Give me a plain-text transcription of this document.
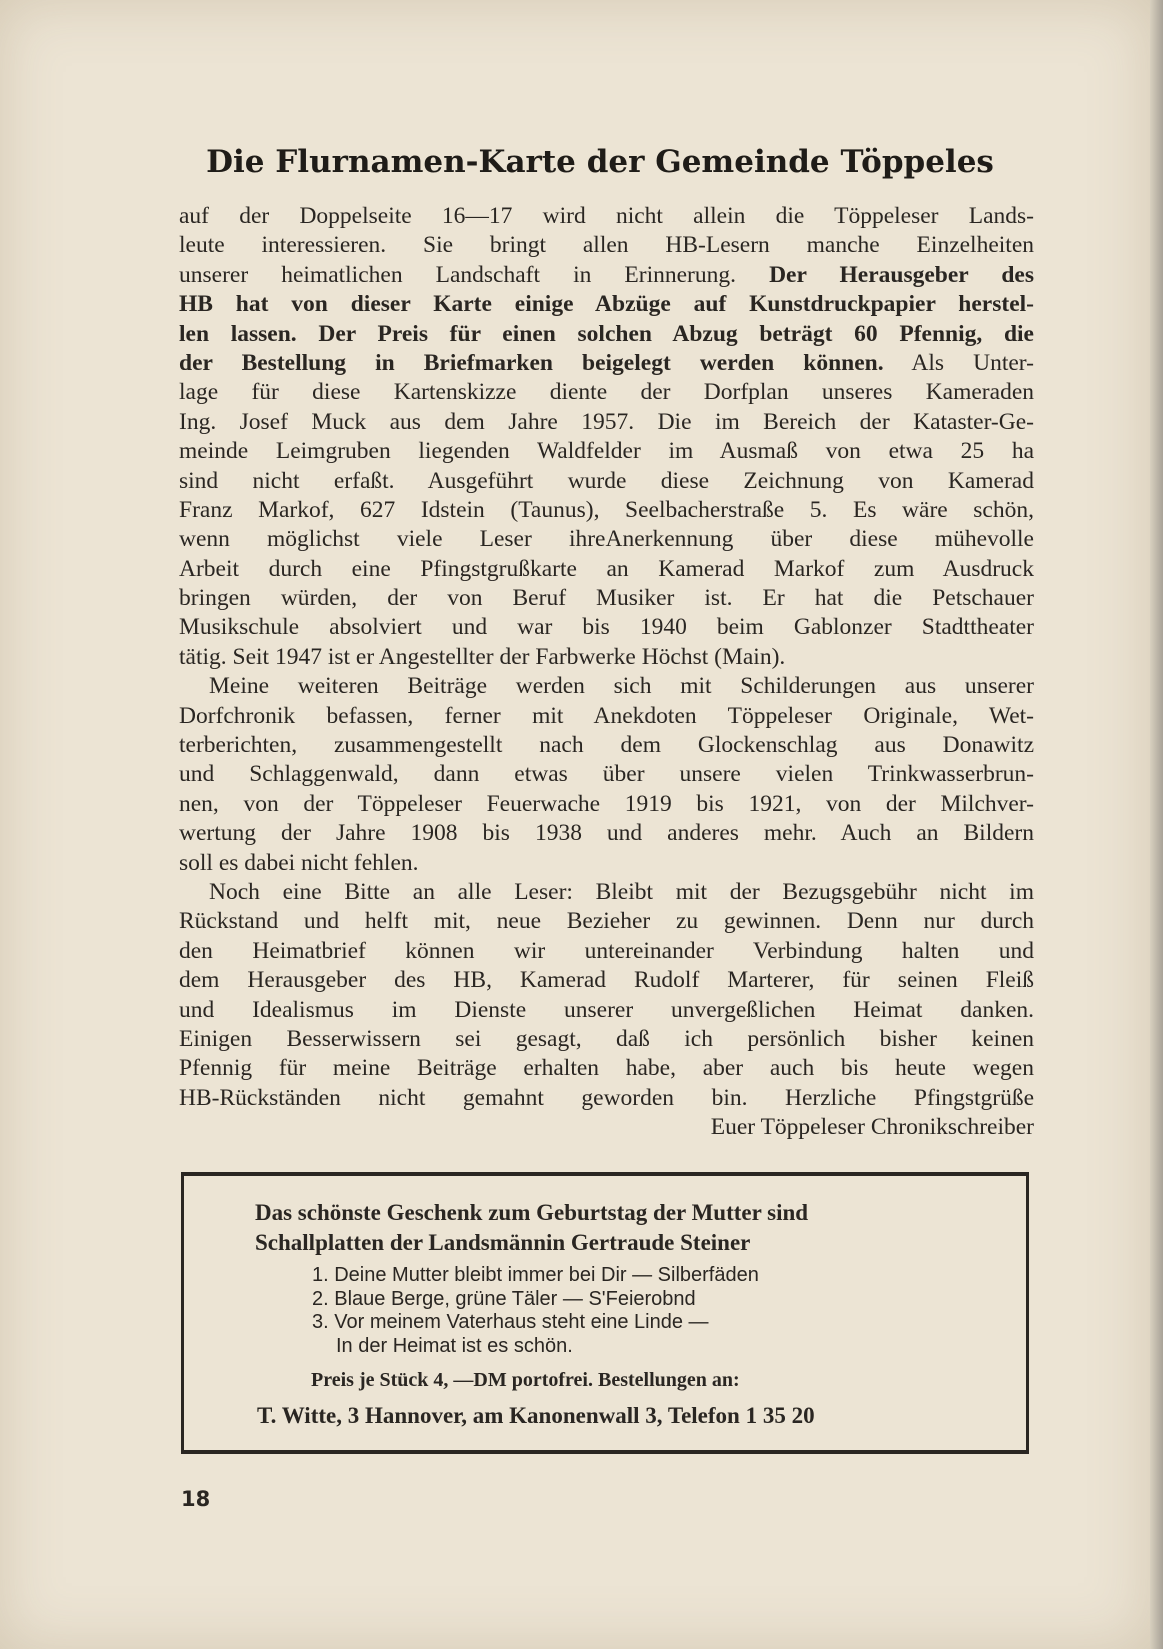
Die Flurnamen-Karte der Gemeinde Töppeles
auf der Doppelseite 16—17 wird nicht allein die Töppeleser Lands-
leute interessieren. Sie bringt allen HB-Lesern manche Einzelheiten
unserer heimatlichen Landschaft in Erinnerung. Der Herausgeber des
HB hat von dieser Karte einige Abzüge auf Kunstdruckpapier herstel-
len lassen. Der Preis für einen solchen Abzug beträgt 60 Pfennig, die
der Bestellung in Briefmarken beigelegt werden können. Als Unter-
lage für diese Kartenskizze diente der Dorfplan unseres Kameraden
Ing. Josef Muck aus dem Jahre 1957. Die im Bereich der Kataster-Ge-
meinde Leimgruben liegenden Waldfelder im Ausmaß von etwa 25 ha
sind nicht erfaßt. Ausgeführt wurde diese Zeichnung von Kamerad
Franz Markof, 627 Idstein (Taunus), Seelbacherstraße 5. Es wäre schön,
wenn möglichst viele Leser ihreAnerkennung über diese mühevolle
Arbeit durch eine Pfingstgrußkarte an Kamerad Markof zum Ausdruck
bringen würden, der von Beruf Musiker ist. Er hat die Petschauer
Musikschule absolviert und war bis 1940 beim Gablonzer Stadttheater
tätig. Seit 1947 ist er Angestellter der Farbwerke Höchst (Main).
Meine weiteren Beiträge werden sich mit Schilderungen aus unserer
Dorfchronik befassen, ferner mit Anekdoten Töppeleser Originale, Wet-
terberichten, zusammengestellt nach dem Glockenschlag aus Donawitz
und Schlaggenwald, dann etwas über unsere vielen Trinkwasserbrun-
nen, von der Töppeleser Feuerwache 1919 bis 1921, von der Milchver-
wertung der Jahre 1908 bis 1938 und anderes mehr. Auch an Bildern
soll es dabei nicht fehlen.
Noch eine Bitte an alle Leser: Bleibt mit der Bezugsgebühr nicht im
Rückstand und helft mit, neue Bezieher zu gewinnen. Denn nur durch
den Heimatbrief können wir untereinander Verbindung halten und
dem Herausgeber des HB, Kamerad Rudolf Marterer, für seinen Fleiß
und Idealismus im Dienste unserer unvergeßlichen Heimat danken.
Einigen Besserwissern sei gesagt, daß ich persönlich bisher keinen
Pfennig für meine Beiträge erhalten habe, aber auch bis heute wegen
HB-Rückständen nicht gemahnt geworden bin. Herzliche Pfingstgrüße
Euer Töppeleser Chronikschreiber
Das schönste Geschenk zum Geburtstag der Mutter sind
Schallplatten der Landsmännin Gertraude Steiner
1. Deine Mutter bleibt immer bei Dir — Silberfäden
2. Blaue Berge, grüne Täler — S'Feierobnd
3. Vor meinem Vaterhaus steht eine Linde —
In der Heimat ist es schön.
Preis je Stück 4, —DM portofrei. Bestellungen an:
T. Witte, 3 Hannover, am Kanonenwall 3, Telefon 1 35 20
18
